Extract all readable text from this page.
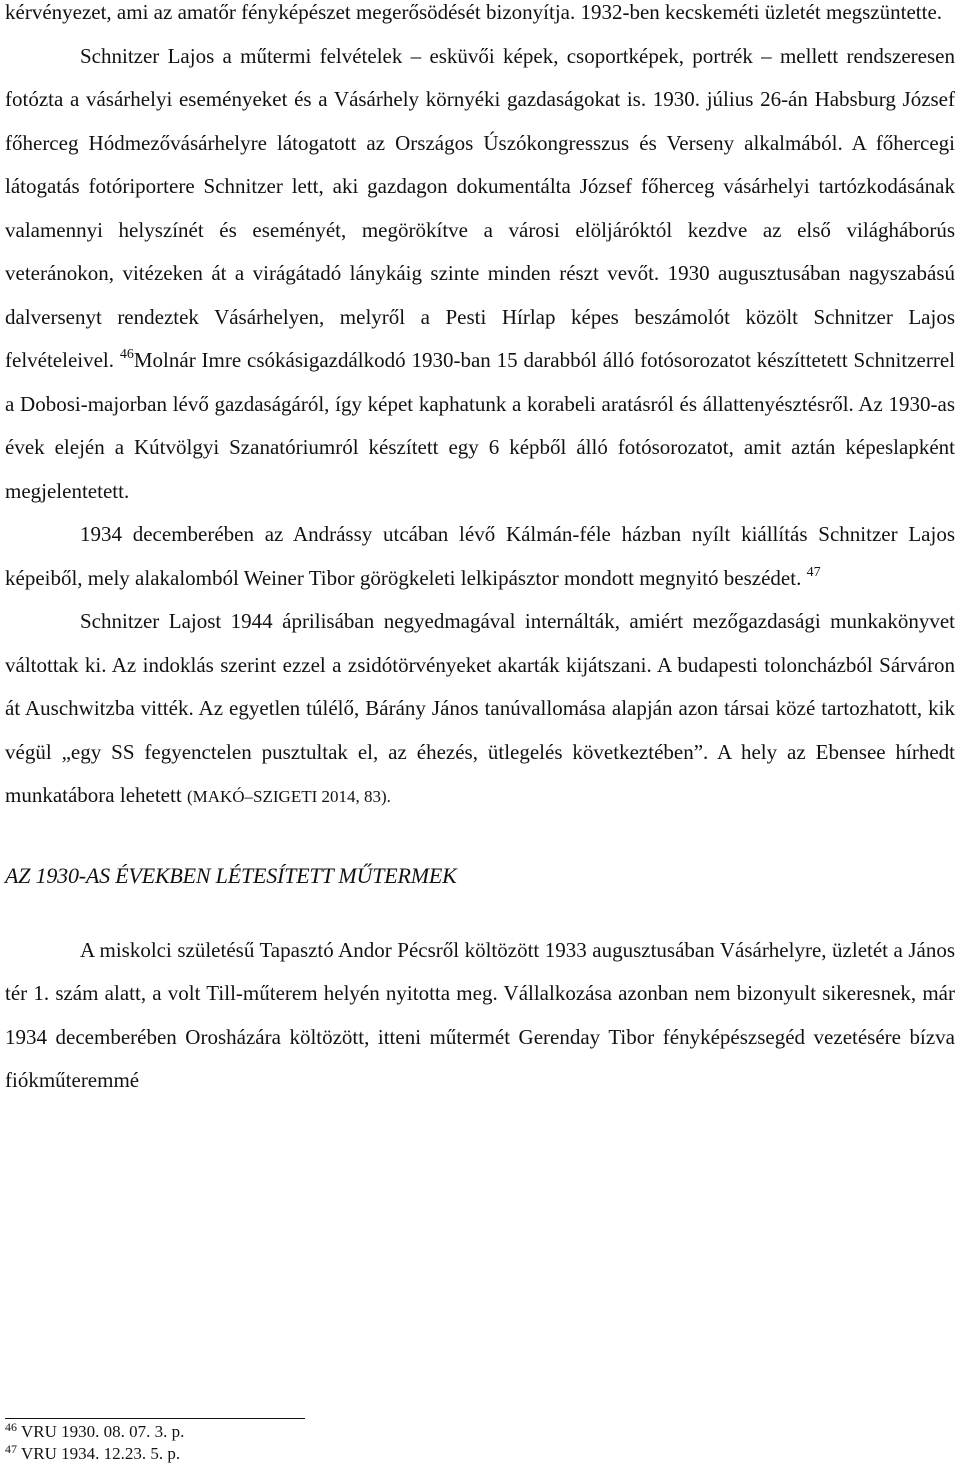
kérvényezet, ami az amatőr fényképészet megerősödését bizonyítja. 1932-ben kecskeméti üzletét megszüntette.

Schnitzer Lajos a műtermi felvételek – esküvői képek, csoportképek, portrék – mellett rendszeresen fotózta a vásárhelyi eseményeket és a Vásárhely környéki gazdaságokat is. 1930. július 26-án Habsburg József főherceg Hódmezővásárhelyre látogatott az Országos Úszókongresszus és Verseny alkalmából. A főhercegi látogatás fotóriportere Schnitzer lett, aki gazdagon dokumentálta József főherceg vásárhelyi tartózkodásának valamennyi helyszínét és eseményét, megörökítve a városi elöljáróktól kezdve az első világháborús veteránokon, vitézeken át a virágátadó lánykáig szinte minden részt vevőt. 1930 augusztusában nagyszabású dalversenyt rendeztek Vásárhelyen, melyről a Pesti Hírlap képes beszámolót közölt Schnitzer Lajos felvételeivel. $^{46}$Molnár Imre csókásigazdálkodó 1930-ban 15 darabból álló fotósorozatot készíttetett Schnitzerrel a Dobosi-majorban lévő gazdaságáról, így képet kaphatunk a korabeli aratásról és állattenyésztésről. Az 1930-as évek elején a Kútvölgyi Szanatóriumról készített egy 6 képből álló fotósorozatot, amit aztán képeslapként megjelentetett.

1934 decemberében az Andrássy utcában lévő Kálmán-féle házban nyílt kiállítás Schnitzer Lajos képeiből, mely alakalomból Weiner Tibor görögkeleti lelkipásztor mondott megnyitó beszédet. $^{47}$

Schnitzer Lajost 1944 áprilisában negyedmagával internálták, amiért mezőgazdasági munkakönyvet váltottak ki. Az indoklás szerint ezzel a zsidótörvényeket akarták kijátszani. A budapesti toloncházból Sárváron át Auschwitzba vitték. Az egyetlen túlélő, Bárány János tanúvallomása alapján azon társai közé tartozhatott, kik végül „egy SS fegyenctelen pusztultak el, az éhezés, ütlegelés következtében”. A hely az Ebensee hírhedt munkatábora lehetett (MAKÓ–SZIGETI 2014, 83).

AZ 1930-AS ÉVEKBEN LÉTESÍTETT MŰTERMEK

A miskolci születésű Tapasztó Andor Pécsről költözött 1933 augusztusában Vásárhelyre, üzletét a János tér 1. szám alatt, a volt Till-műterem helyén nyitotta meg. Vállalkozása azonban nem bizonyult sikeresnek, már 1934 decemberében Orosházára költözött, itteni műtermét Gerenday Tibor fényképészsegéd vezetésére bízva fiókműteremmé

$^{46}$ VRU 1930. 08. 07. 3. p.
$^{47}$ VRU 1934. 12.23. 5. p.
